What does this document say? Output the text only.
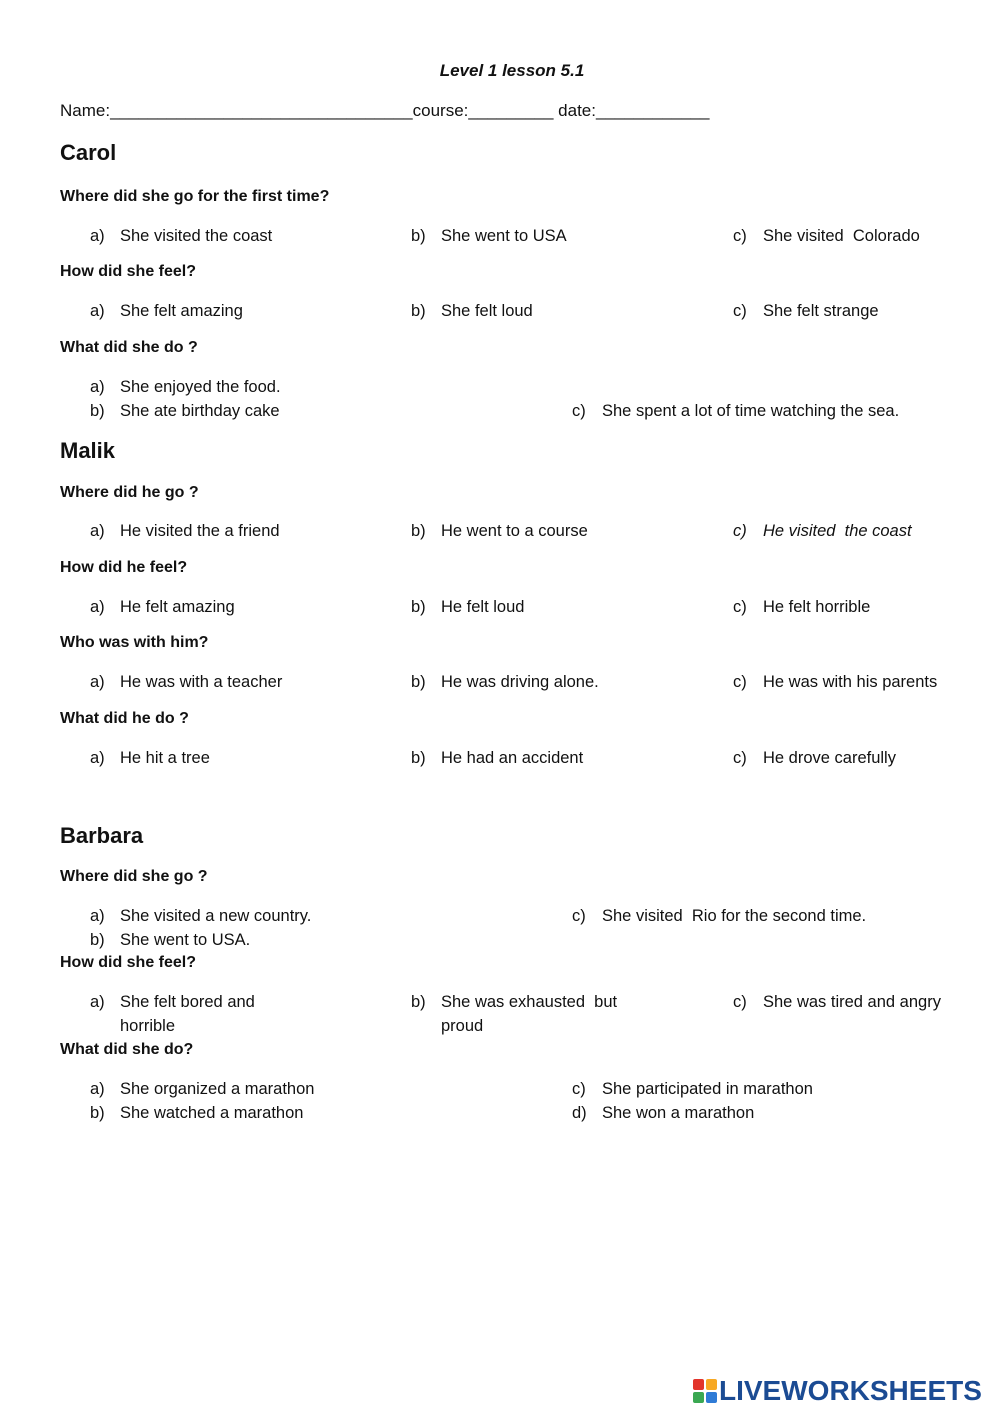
Level 1 lesson 5.1
Name:________________________________course:_________ date:____________
Carol
Where did she go for the first time?
a) She visited the coast	b) She went to USA	c) She visited  Colorado
How did she feel?
a) She felt amazing	b) She felt loud	c) She felt strange
What did she do ?
a) She enjoyed the food.
b) She ate birthday cake	c) She spent a lot of time watching the sea.
Malik
Where did he go ?
a) He visited the a friend	b) He went to a course	c) He visited  the coast
How did he feel?
a) He felt amazing	b) He felt loud	c) He felt horrible
Who was with him?
a) He was with a teacher	b) He was driving alone.	c) He was with his parents
What did he do ?
a) He hit a tree	b) He had an accident	c) He drove carefully
Barbara
Where did she go ?
a) She visited a new country.
b) She went to USA.
c) She visited  Rio for the second time.
How did she feel?
a) She felt bored and horrible
b) She was exhausted  but proud
c) She was tired and angry
What did she do?
a) She organized a marathon
b) She watched a marathon
c) She participated in marathon
d) She won a marathon
LIVEWORKSHEETS
